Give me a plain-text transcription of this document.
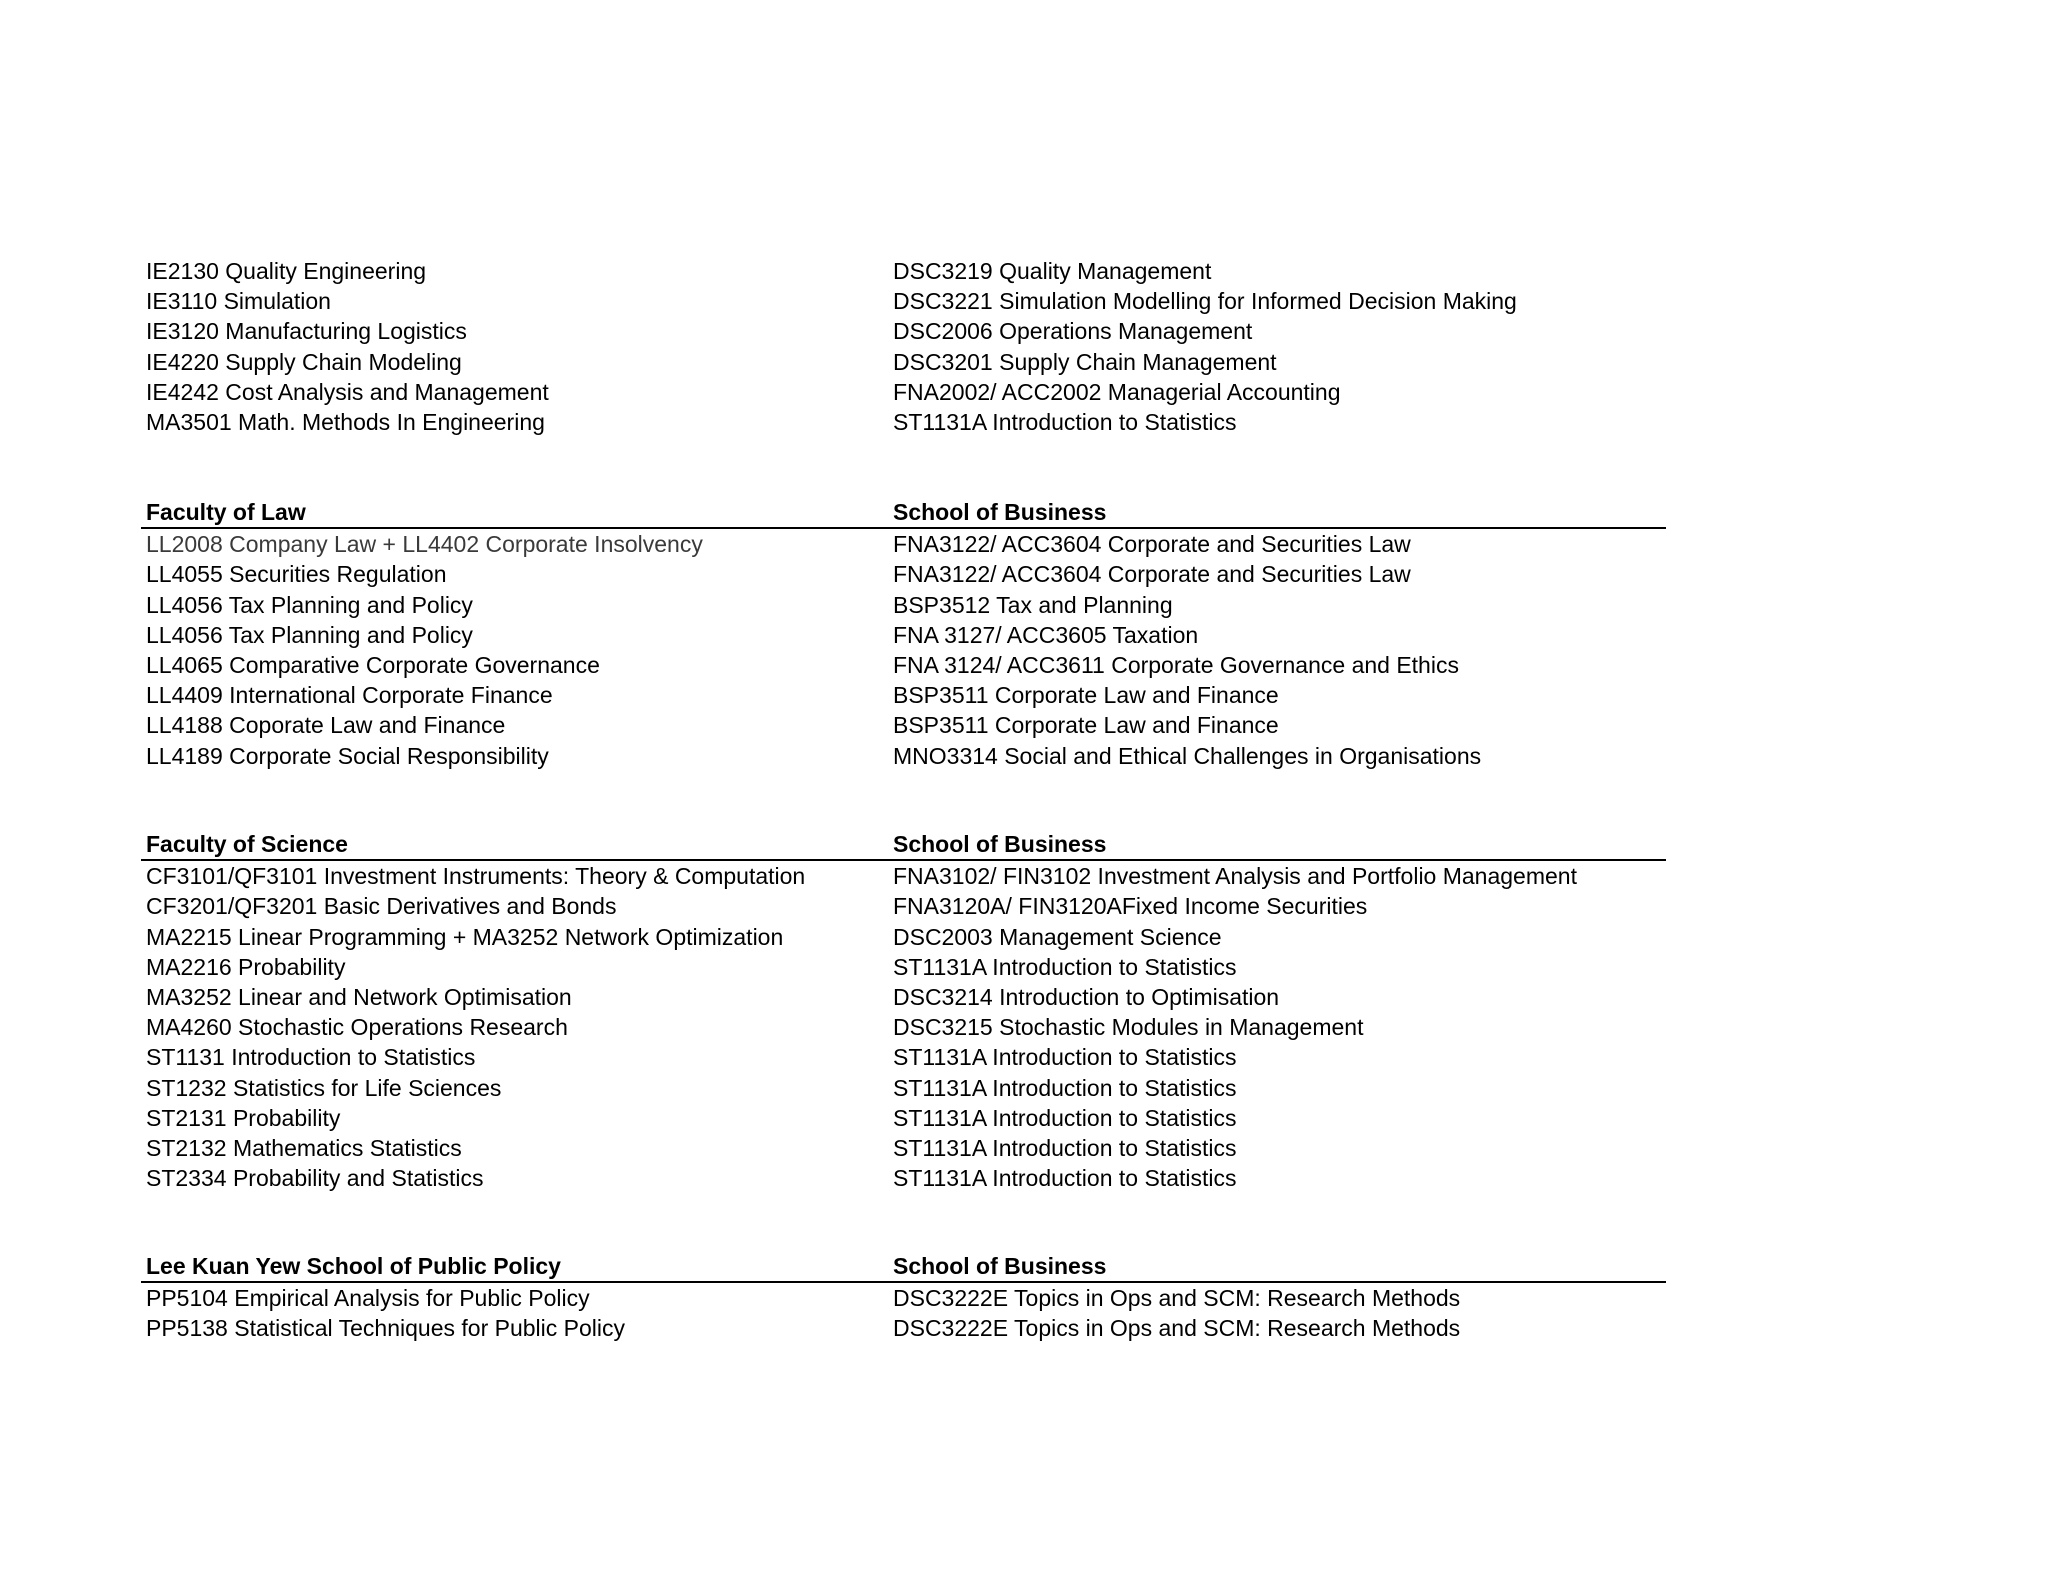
IE2130 Quality Engineering	DSC3219 Quality Management
IE3110 Simulation	DSC3221 Simulation Modelling for Informed Decision Making
IE3120 Manufacturing Logistics	DSC2006 Operations Management
IE4220 Supply Chain Modeling	DSC3201 Supply Chain Management
IE4242 Cost Analysis and Management	FNA2002/ ACC2002 Managerial Accounting
MA3501 Math. Methods In Engineering	ST1131A Introduction to Statistics
Faculty of Law	School of Business
LL2008 Company Law + LL4402 Corporate Insolvency	FNA3122/ ACC3604 Corporate and Securities Law
LL4055 Securities Regulation	FNA3122/ ACC3604 Corporate and Securities Law
LL4056 Tax Planning and Policy	BSP3512 Tax and Planning
LL4056 Tax Planning and Policy	FNA 3127/ ACC3605 Taxation
LL4065 Comparative Corporate Governance	FNA 3124/ ACC3611 Corporate Governance and Ethics
LL4409 International Corporate Finance	BSP3511 Corporate Law and Finance
LL4188 Coporate Law and Finance	BSP3511 Corporate Law and Finance
LL4189 Corporate Social Responsibility	MNO3314 Social and Ethical Challenges in Organisations
Faculty of Science	School of Business
CF3101/QF3101 Investment Instruments: Theory & Computation	FNA3102/ FIN3102 Investment Analysis and Portfolio Management
CF3201/QF3201 Basic Derivatives and Bonds	FNA3120A/ FIN3120AFixed Income Securities
MA2215 Linear Programming + MA3252 Network Optimization	DSC2003 Management Science
MA2216 Probability	ST1131A Introduction to Statistics
MA3252 Linear and Network Optimisation	DSC3214 Introduction to Optimisation
MA4260 Stochastic Operations Research	DSC3215 Stochastic Modules in Management
ST1131 Introduction to Statistics	ST1131A Introduction to Statistics
ST1232 Statistics for Life Sciences	ST1131A Introduction to Statistics
ST2131 Probability	ST1131A Introduction to Statistics
ST2132 Mathematics Statistics	ST1131A Introduction to Statistics
ST2334 Probability and Statistics	ST1131A Introduction to Statistics
Lee Kuan Yew School of Public Policy	School of Business
PP5104 Empirical Analysis for Public Policy	DSC3222E Topics in Ops and SCM: Research Methods
PP5138 Statistical Techniques for Public Policy	DSC3222E Topics in Ops and SCM: Research Methods
